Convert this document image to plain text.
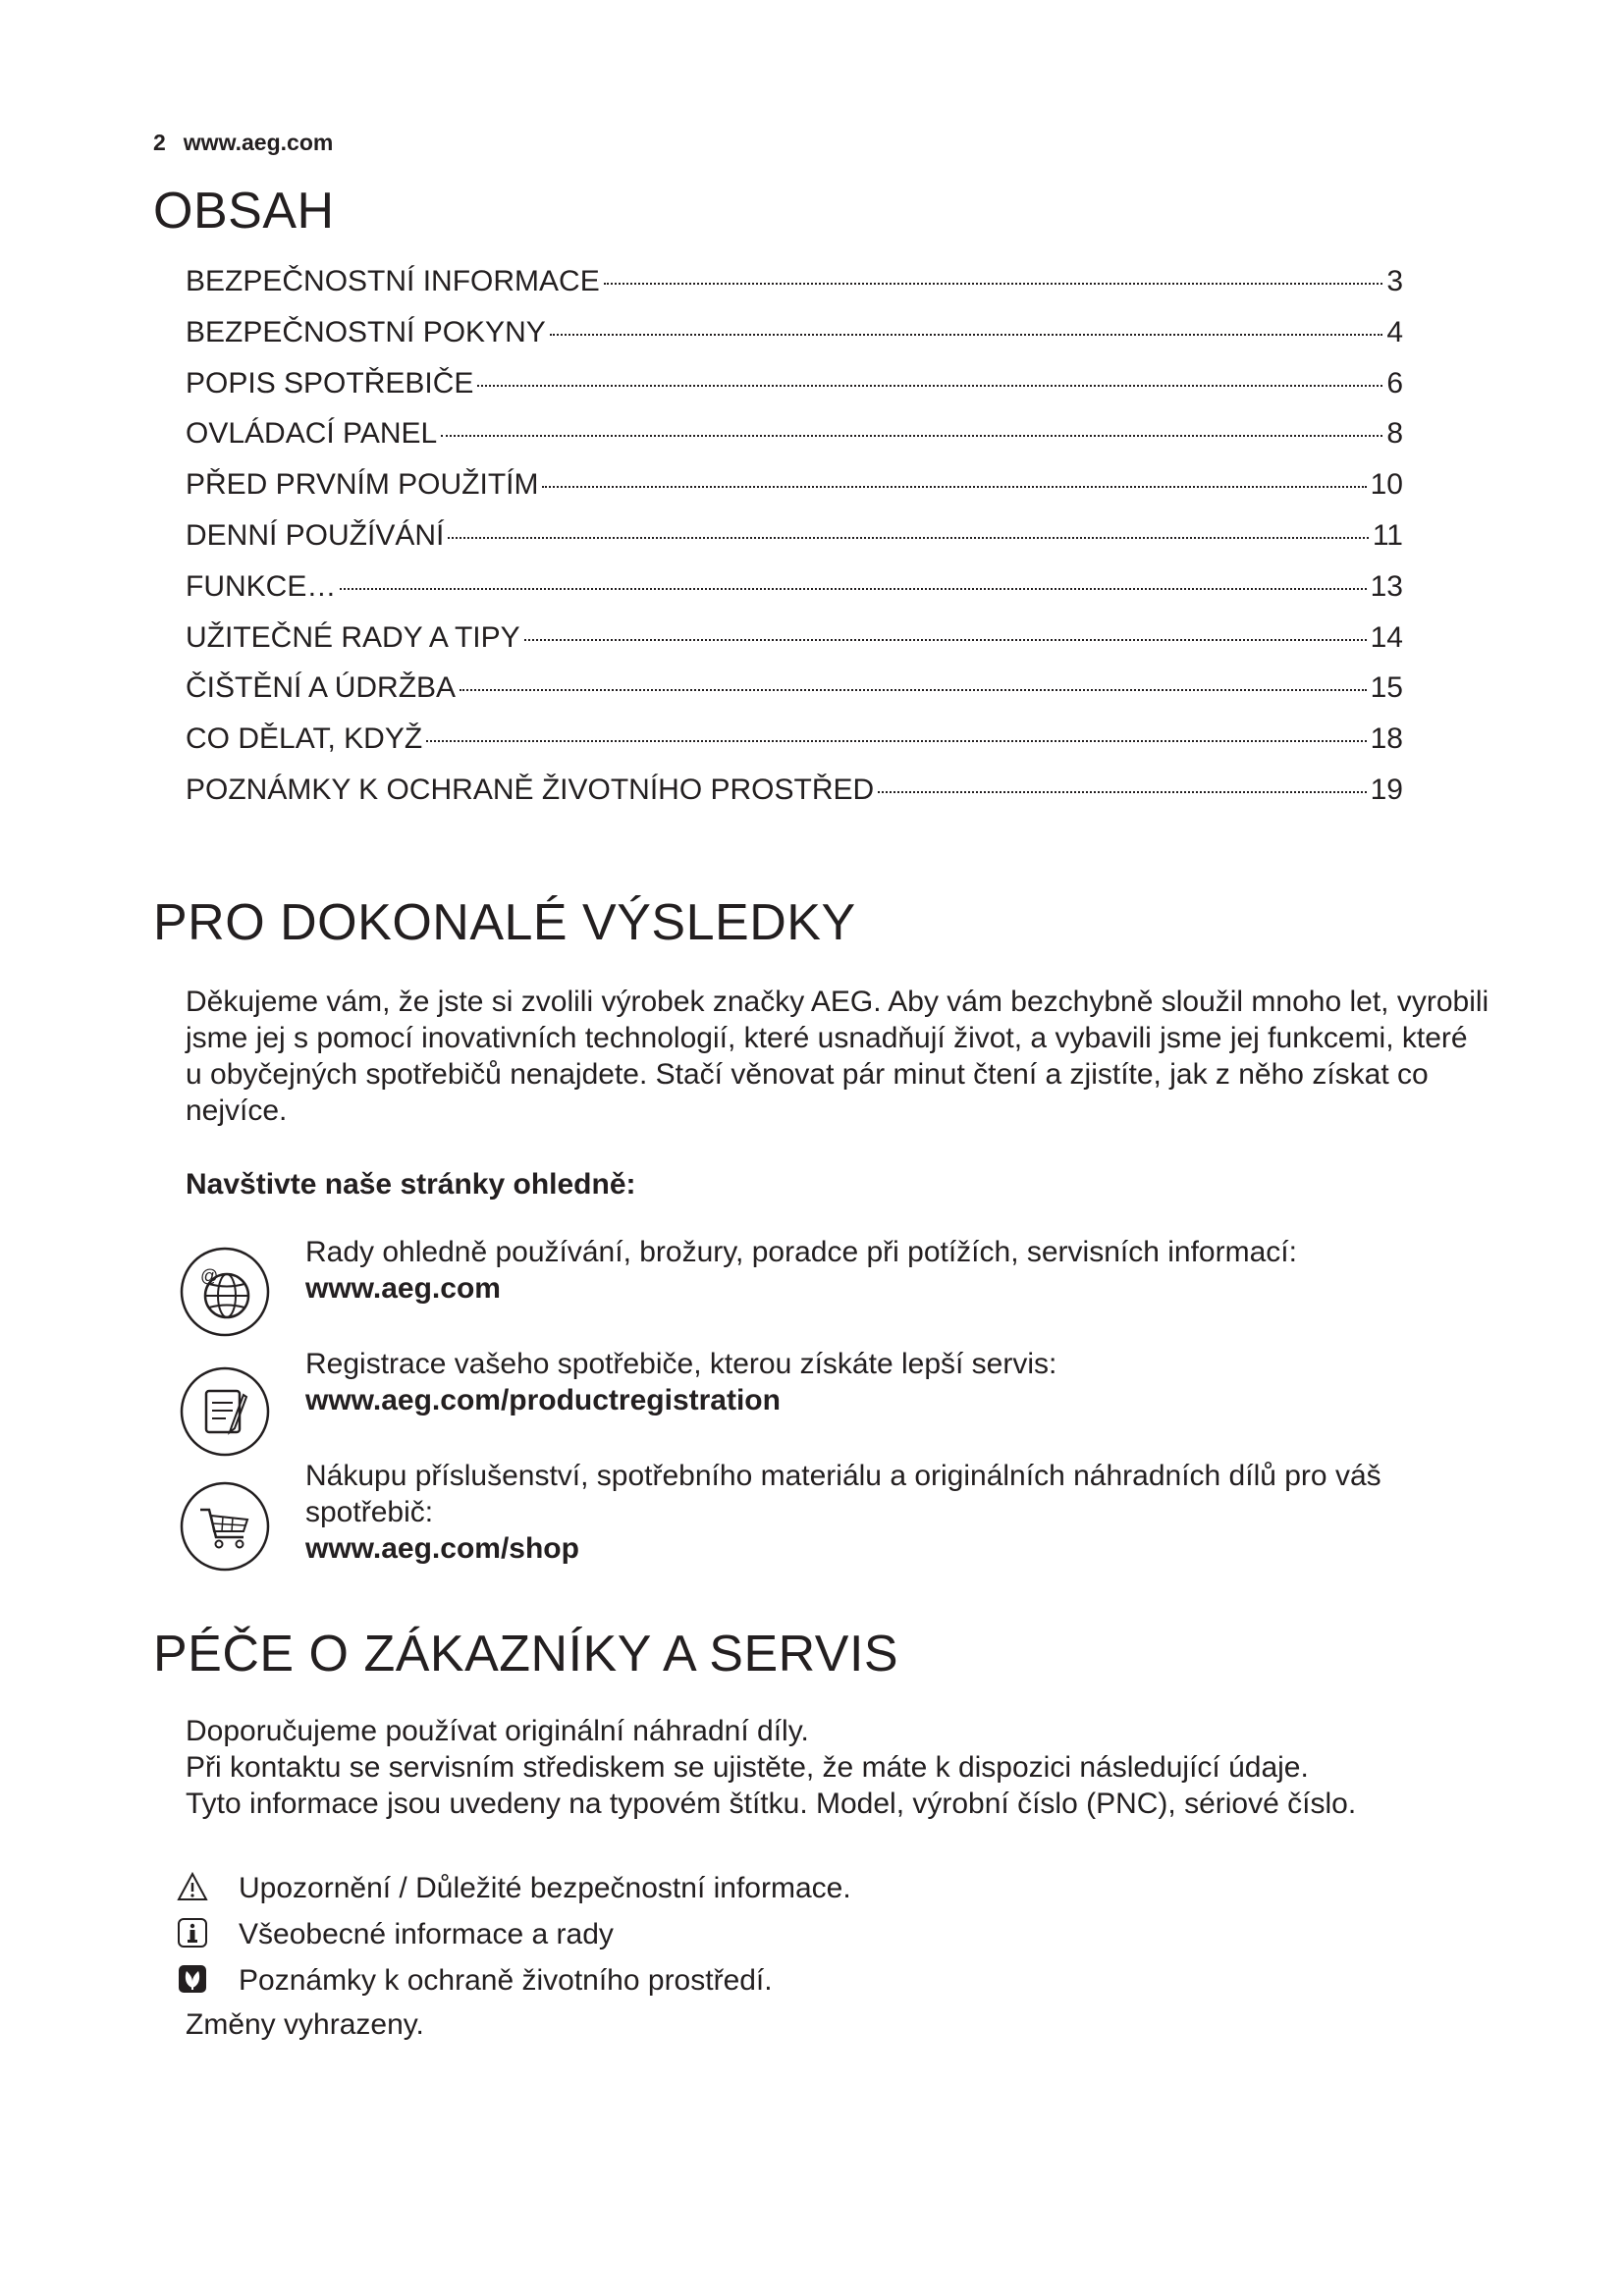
2 www.aeg.com
OBSAH
BEZPEČNOSTNÍ INFORMACE	3
BEZPEČNOSTNÍ POKYNY	4
POPIS SPOTŘEBIČE	6
OVLÁDACÍ PANEL	8
PŘED PRVNÍM POUŽITÍM	10
DENNÍ POUŽÍVÁNÍ	11
FUNKCE…	13
UŽITEČNÉ RADY A TIPY	14
ČIŠTĚNÍ A ÚDRŽBA	15
CO DĚLAT, KDYŽ	18
POZNÁMKY K OCHRANĚ ŽIVOTNÍHO PROSTŘED	19
PRO DOKONALÉ VÝSLEDKY

Děkujeme vám, že jste si zvolili výrobek značky AEG. Aby vám bezchybně sloužil mnoho let, vyrobili jsme jej s pomocí inovativních technologií, které usnadňují život, a vybavili jsme jej funkcemi, které u obyčejných spotřebičů nenajdete. Stačí věnovat pár minut čtení a zjistíte, jak z něho získat co nejvíce.

Navštivte naše stránky ohledně:

@
Rady ohledně používání, brožury, poradce při potížích, servisních informací:
www.aeg.com
Registrace vašeho spotřebiče, kterou získáte lepší servis:
www.aeg.com/productregistration
Nákupu příslušenství, spotřebního materiálu a originálních náhradních dílů pro váš spotřebič:
www.aeg.com/shop
PÉČE O ZÁKAZNÍKY A SERVIS
Doporučujeme používat originální náhradní díly.
Při kontaktu se servisním střediskem se ujistěte, že máte k dispozici následující údaje.
Tyto informace jsou uvedeny na typovém štítku. Model, výrobní číslo (PNC), sériové číslo.
Upozornění / Důležité bezpečnostní informace.
Všeobecné informace a rady
Poznámky k ochraně životního prostředí.

Změny vyhrazeny.
